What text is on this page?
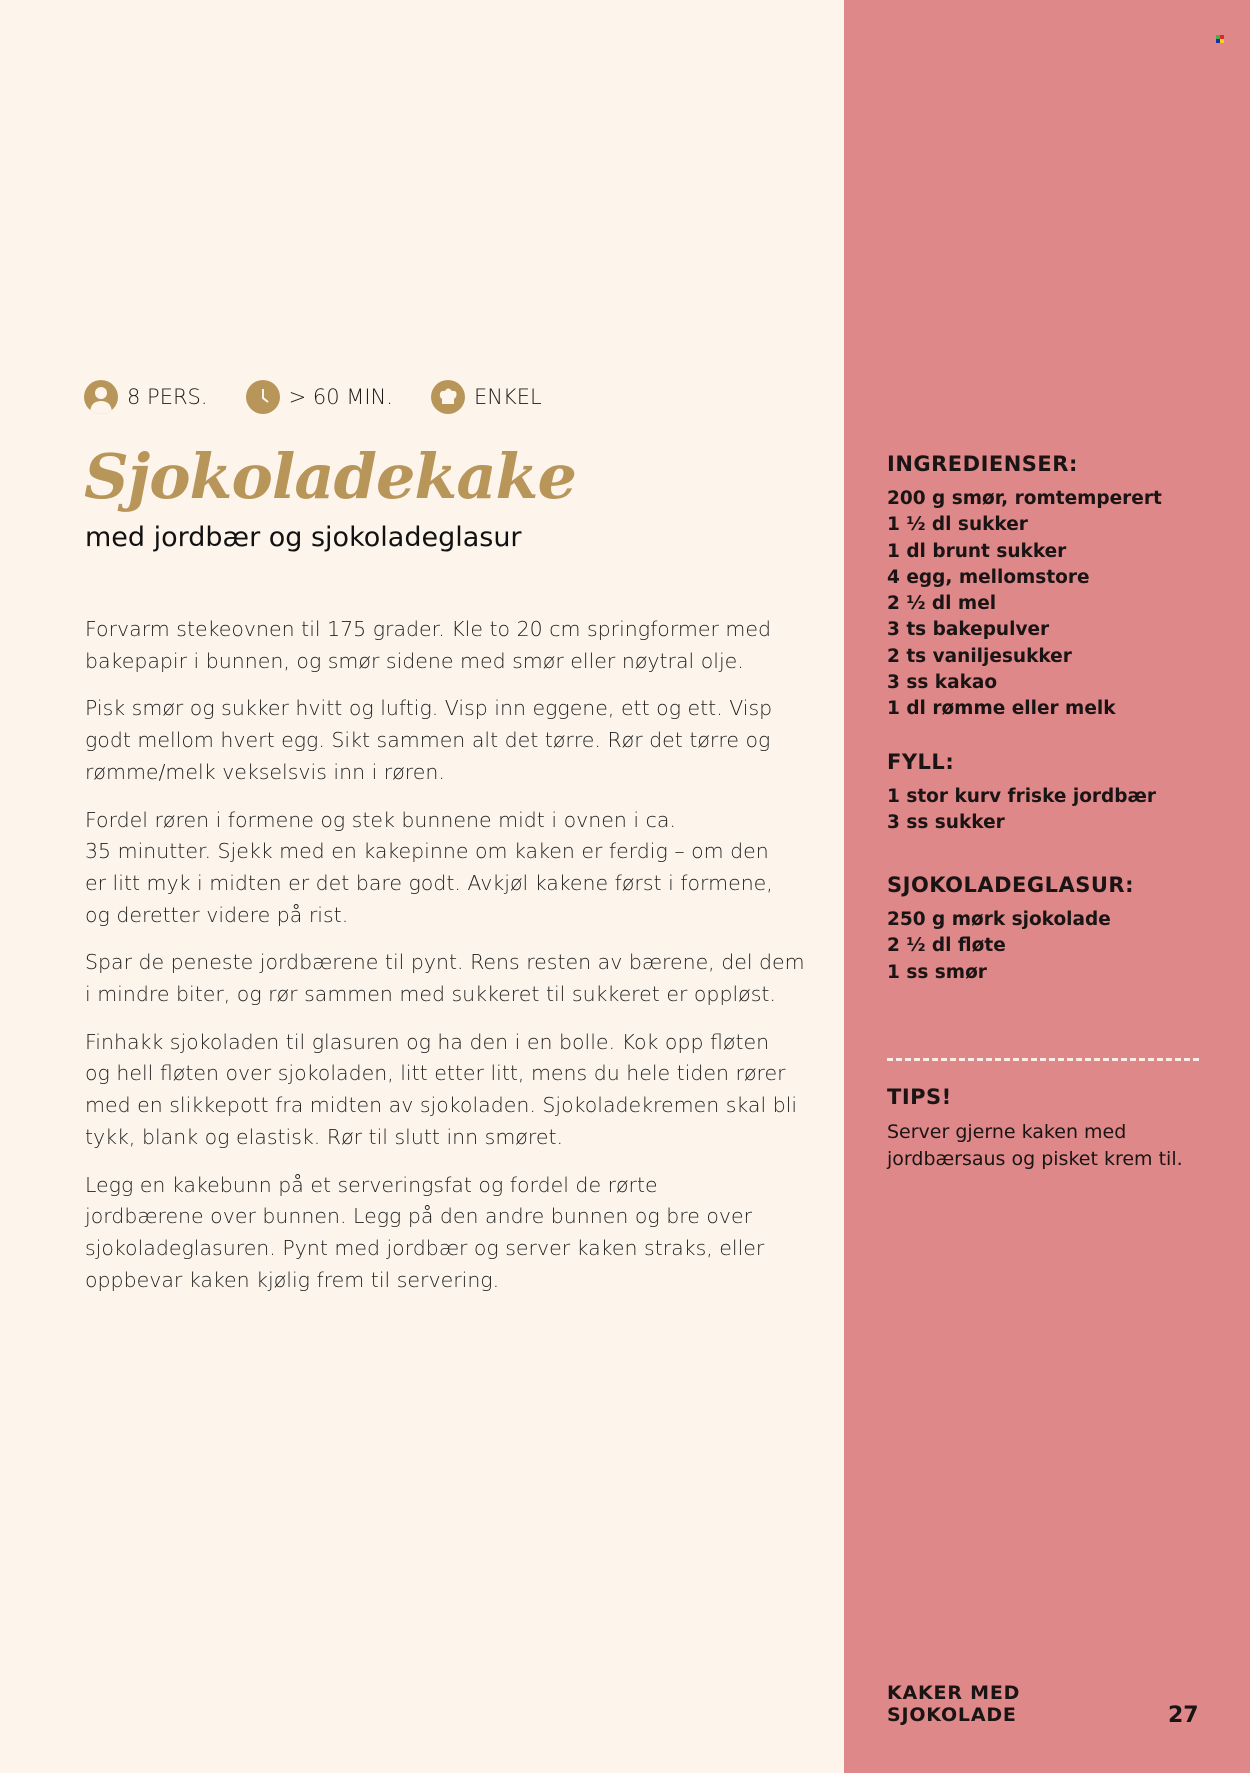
8 PERS.	> 60 MIN.	ENKEL
Sjokoladekake
med jordbær og sjokoladeglasur

Forvarm stekeovnen til 175 grader. Kle to 20 cm springformer med
bakepapir i bunnen, og smør sidene med smør eller nøytral olje.

Pisk smør og sukker hvitt og luftig. Visp inn eggene, ett og ett. Visp
godt mellom hvert egg. Sikt sammen alt det tørre. Rør det tørre og
rømme/melk vekselsvis inn i røren.

Fordel røren i formene og stek bunnene midt i ovnen i ca.
35 minutter. Sjekk med en kakepinne om kaken er ferdig – om den
er litt myk i midten er det bare godt. Avkjøl kakene først i formene,
og deretter videre på rist.

Spar de peneste jordbærene til pynt. Rens resten av bærene, del dem
i mindre biter, og rør sammen med sukkeret til sukkeret er oppløst.

Finhakk sjokoladen til glasuren og ha den i en bolle. Kok opp fløten
og hell fløten over sjokoladen, litt etter litt, mens du hele tiden rører
med en slikkepott fra midten av sjokoladen. Sjokoladekremen skal bli
tykk, blank og elastisk. Rør til slutt inn smøret.

Legg en kakebunn på et serveringsfat og fordel de rørte
jordbærene over bunnen. Legg på den andre bunnen og bre over
sjokoladeglasuren. Pynt med jordbær og server kaken straks, eller
oppbevar kaken kjølig frem til servering.

INGREDIENSER:
200 g smør, romtemperert
1 ½ dl sukker
1 dl brunt sukker
4 egg, mellomstore
2 ½ dl mel
3 ts bakepulver
2 ts vaniljesukker
3 ss kakao
1 dl rømme eller melk
FYLL:
1 stor kurv friske jordbær
3 ss sukker
SJOKOLADEGLASUR:
250 g mørk sjokolade
2 ½ dl fløte
1 ss smør
TIPS!
Server gjerne kaken med
jordbærsaus og pisket krem til.
KAKER MED
SJOKOLADE	27
